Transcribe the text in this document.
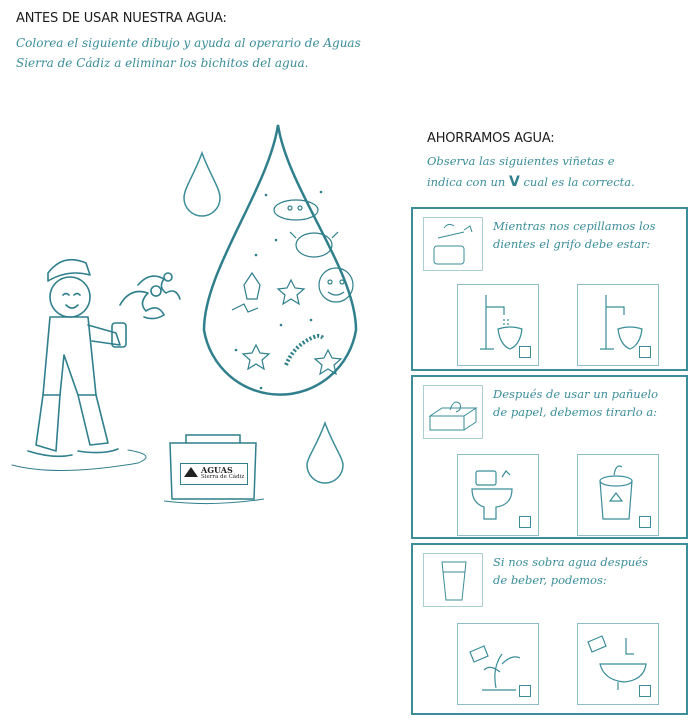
ANTES DE USAR NUESTRA AGUA:
Colorea el siguiente dibujo y ayuda al operario de Aguas
Sierra de Cádiz a eliminar los bichitos del agua.
AGUAS
Sierra de Cádiz
AHORRAMOS AGUA:
Observa las siguientes viñetas e
indica con un V cual es la correcta.
Mientras nos cepillamos los
dientes el grifo debe estar:
Después de usar un pañuelo
de papel, debemos tirarlo a:
Si nos sobra agua después
de beber, podemos:
